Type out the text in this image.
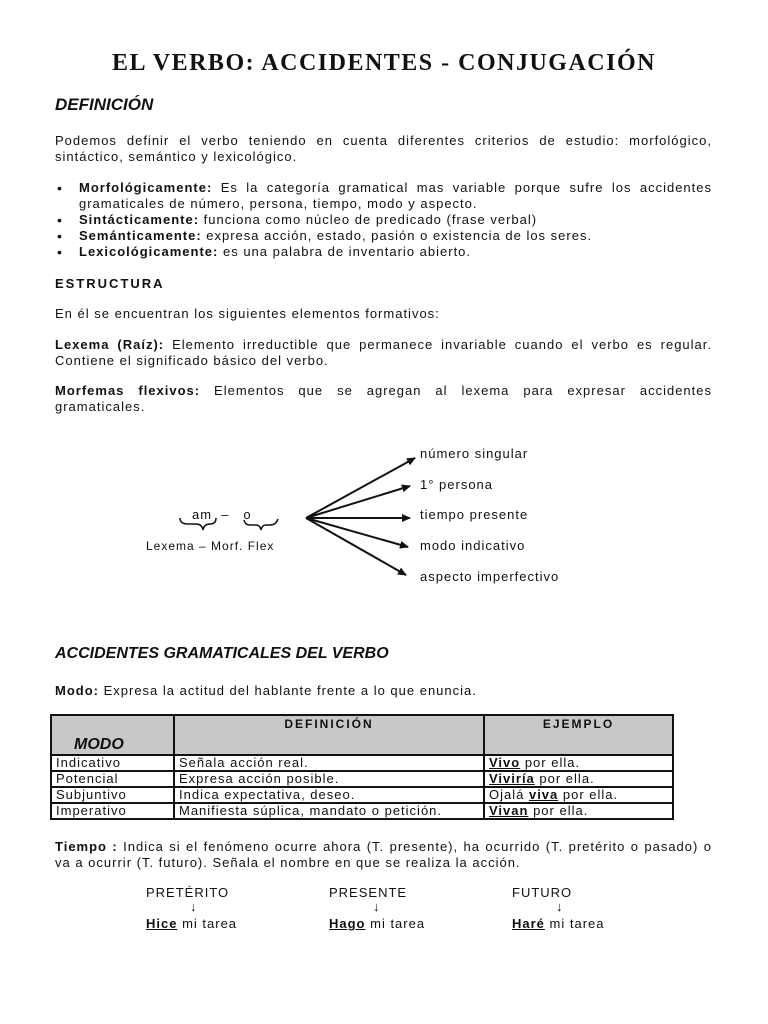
EL VERBO: ACCIDENTES - CONJUGACIÓN
DEFINICIÓN
Podemos definir el verbo teniendo en cuenta diferentes criterios de estudio: morfológico, sintáctico, semántico y lexicológico.
• Morfológicamente: Es la categoría gramatical mas variable porque sufre los accidentes gramaticales de número, persona, tiempo, modo y aspecto.
• Sintácticamente: funciona como núcleo de predicado (frase verbal)
• Semánticamente: expresa acción, estado, pasión o existencia de los seres.
• Lexicológicamente: es una palabra de inventario abierto.
ESTRUCTURA
En él se encuentran los siguientes elementos formativos:
Lexema (Raíz): Elemento irreductible que permanece invariable cuando el verbo es regular. Contiene el significado básico del verbo.
Morfemas flexivos: Elementos que se agregan al lexema para expresar accidentes gramaticales.
am  –   o
Lexema – Morf. Flex
número singular
1° persona
tiempo presente
modo indicativo
aspecto imperfectivo
ACCIDENTES GRAMATICALES DEL VERBO
Modo: Expresa la actitud del hablante frente a lo que enuncia.
MODO	DEFINICIÓN	EJEMPLO
Indicativo	Señala acción real.	Vivo por ella.
Potencial	Expresa acción posible.	Viviría por ella.
Subjuntivo	Indica expectativa, deseo.	Ojalá viva por ella.
Imperativo	Manifiesta súplica, mandato o petición.	Vivan por ella.
Tiempo : Indica si el fenómeno ocurre ahora (T. presente), ha ocurrido (T. pretérito o pasado) o va a ocurrir (T. futuro). Señala el nombre en que se realiza la acción.
PRETÉRITO
↓
Hice mi tarea
PRESENTE
↓
Hago mi tarea
FUTURO
↓
Haré mi tarea
